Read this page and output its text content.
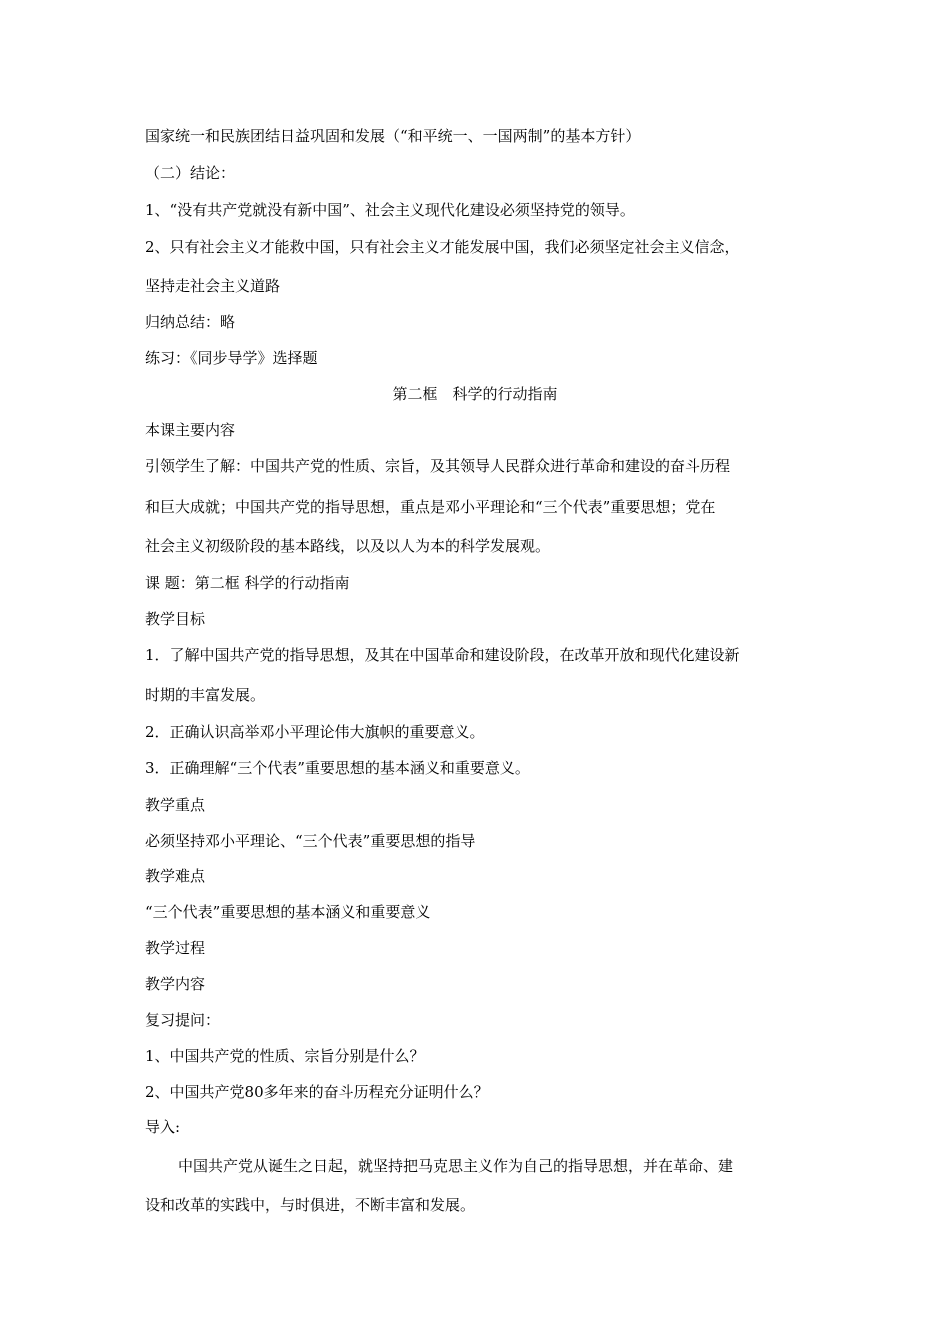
国家统一和民族团结日益巩固和发展（“和平统一、一国两制”的基本方针）
（二）结论：
1、“没有共产党就没有新中国”、社会主义现代化建设必须坚持党的领导。
2、只有社会主义才能救中国，只有社会主义才能发展中国，我们必须坚定社会主义信念，
坚持走社会主义道路
归纳总结：略
练习：《同步导学》选择题
第二框　科学的行动指南
本课主要内容
引领学生了解：中国共产党的性质、宗旨，及其领导人民群众进行革命和建设的奋斗历程
和巨大成就；中国共产党的指导思想，重点是邓小平理论和“三个代表”重要思想；党在
社会主义初级阶段的基本路线，以及以人为本的科学发展观。
课 题：第二框 科学的行动指南
教学目标
1．了解中国共产党的指导思想，及其在中国革命和建设阶段，在改革开放和现代化建设新
时期的丰富发展。
2．正确认识高举邓小平理论伟大旗帜的重要意义。
3．正确理解“三个代表”重要思想的基本涵义和重要意义。
教学重点
必须坚持邓小平理论、“三个代表”重要思想的指导
教学难点
“三个代表”重要思想的基本涵义和重要意义
教学过程
教学内容
复习提问：
1、中国共产党的性质、宗旨分别是什么？
2、中国共产党80多年来的奋斗历程充分证明什么？
导入:
中国共产党从诞生之日起，就坚持把马克思主义作为自己的指导思想，并在革命、建
设和改革的实践中，与时俱进，不断丰富和发展。
